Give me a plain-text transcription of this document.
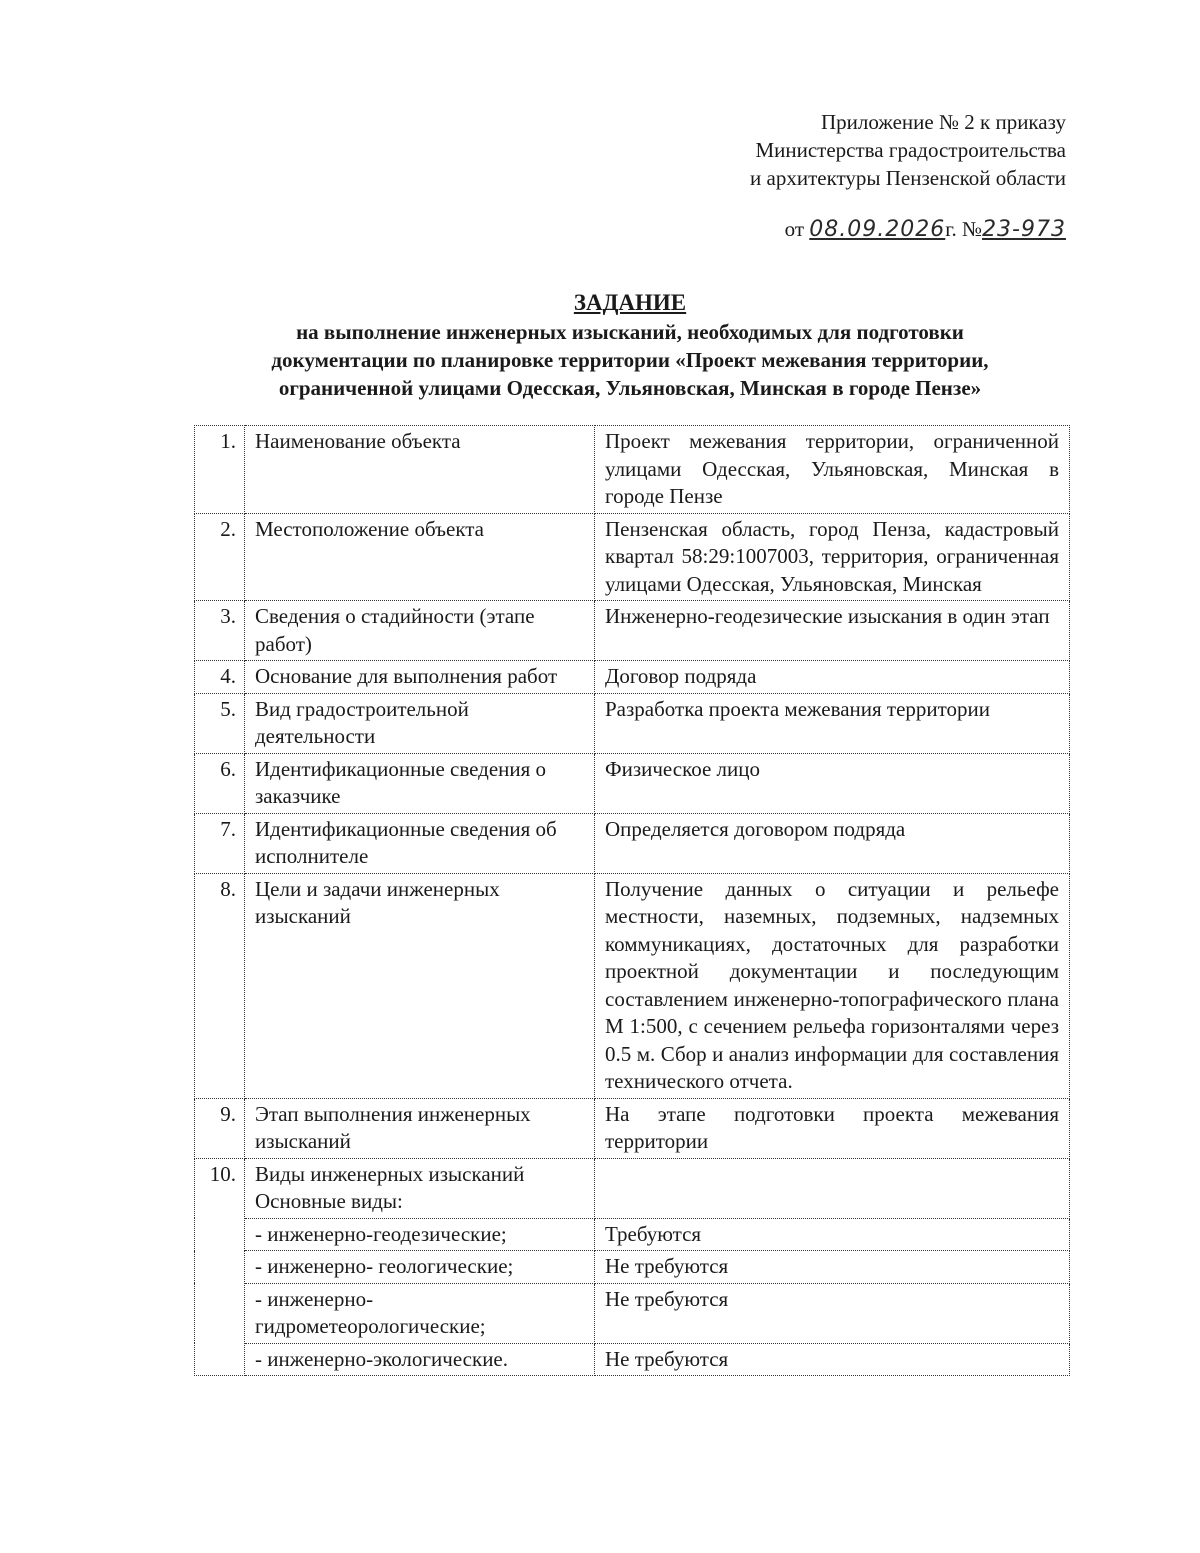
Приложение № 2 к приказу
Министерства градостроительства
и архитектуры Пензенской области
от 08.09.2026г. №23-973
ЗАДАНИЕ
на выполнение инженерных изысканий, необходимых для подготовки
документации по планировке территории «Проект межевания территории,
ограниченной улицами Одесская, Ульяновская, Минская в городе Пензе»
1.	Наименование объекта	Проект межевания территории, ограниченной улицами Одесская, Ульяновская, Минская в городе Пензе
2.	Местоположение объекта	Пензенская область, город Пенза, кадастровый квартал 58:29:1007003, территория, ограниченная улицами Одесская, Ульяновская, Минская
3.	Сведения о стадийности (этапе работ)	Инженерно-геодезические изыскания в один этап
4.	Основание для выполнения работ	Договор подряда
5.	Вид градостроительной деятельности	Разработка проекта межевания территории
6.	Идентификационные сведения о заказчике	Физическое лицо
7.	Идентификационные сведения об исполнителе	Определяется договором подряда
8.	Цели и задачи инженерных изысканий	Получение данных о ситуации и рельефе местности, наземных, подземных, надземных коммуникациях, достаточных для разработки проектной документации и последующим составлением инженерно-топографического плана М 1:500, с сечением рельефа горизонталями через 0.5 м. Сбор и анализ информации для составления технического отчета.
9.	Этап выполнения инженерных изысканий	На этапе подготовки проекта межевания территории
10.	Виды инженерных изысканий Основные виды:	
	- инженерно-геодезические;	Требуются
	- инженерно- геологические;	Не требуются
	- инженерно-гидрометеорологические;	Не требуются
	- инженерно-экологические.	Не требуются
